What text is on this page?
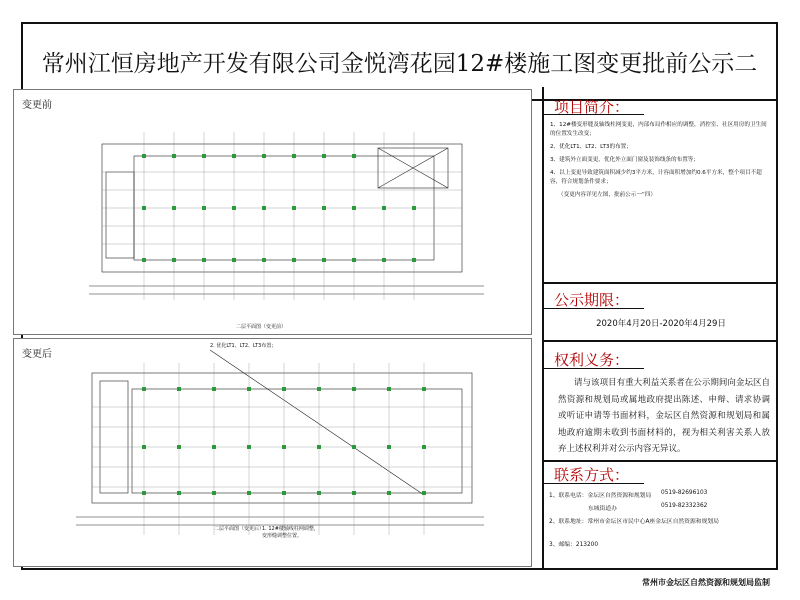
常州江恒房地产开发有限公司金悦湾花园12#楼施工图变更批前公示二
变更前
二层平面图（变更前）
变更后
2. 优化LT1、LT2、LT3布置；
二层平面图（变更后）
1. 12#楼轴线柱网调整，
变形缝调整位置。
项目简介：

1、12#楼变形缝及轴线柱网变更，内部布局作相应的调整，消控室、社区用房的卫生间的位置发生改变；

2、优化LT1、LT2、LT3的布置；

3、建筑外立面变更，优化外立面门窗及装饰线条的布置等；

4、以上变更导致建筑面积减少约3平方米，计容面积增加约0.6平方米，整个项目不超容，符合规划条件要求；

（变更内容详见左图，批前公示一“四）

公示期限：
2020年4月20日-2020年4月29日
权利义务：
请与该项目有重大利益关系者在公示期间向金坛区自然资源和规划局或属地政府提出陈述、申辩、请求协调或听证申请等书面材料，金坛区自然资源和规划局和属地政府逾期未收到书面材料的，视为相关利害关系人放弃上述权利并对公示内容无异议。
联系方式：
1、联系电话：金坛区自然资源和规划局 0519-82696103
东城街道办	0519-82332362
2、联系地址：常州市金坛区市民中心A座金坛区自然资源和规划局
3、邮编：213200
常州市金坛区自然资源和规划局监制
